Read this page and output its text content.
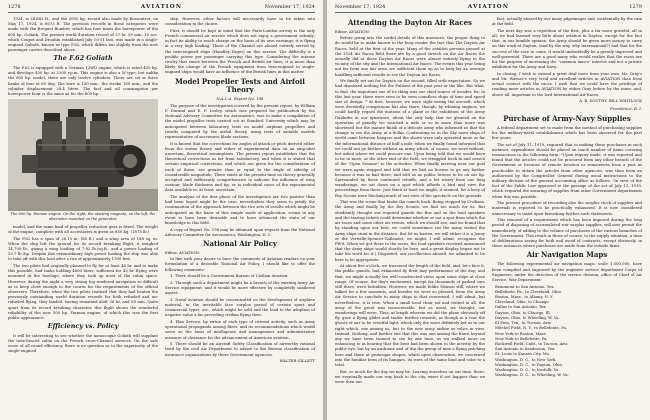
1278	AVIATION	November 17, 1924

1924, is 24,682 ft., and the 5000 kg. record also made by Bossoutrot, on May 17, 1924, is 6673 ft. The previous records in these categories were made with the Breguet Bomber, which has four times the horsepower of the 600 hp. Goliath. The present world duration record of 37 hr. 59 min. 10 sec. which Coupet and Drouhin established July 10-11 last, was made in a single-engined Goliath, known as type F.62, which differs but slightly from the new passenger carrier described above.

The F.62 Goliath

The F.62 is equipped with a German 12WD engine, which is rated 400 hp. and develops 450 hp. at 2200 r.p.m. This engine is also a W type, but unlike the 600 hp. model, there are only twelve cylinders. There are set in three banks of four at 60 deg. The bore is 130 mm., the stroke 180 mm., and the cylinder displacement 28.4 liters. The fuel and oil consumption per horsepower hour is the same as for the 600 hp.

The 600 hp. Farman engine. On the right, the starting magneto; on the left, the alternator mounted on the generator.

model, and the same kind of propeller reduction gear is fitted. The weight of the engine, complete with all accessories is given as 850 kg. (1873 lb.)

The F.62 has a span of 26.15 m. (86 ft.) and a wing area of 188 sq. m. When the ship left the ground for its record breaking flight, it weighed 14,700 lb., giving a wing loading of 7.82 lb./sq.ft., and a power loading of 32.7 lb./hp. Despite this extraordinary high power loading the ship was able to take off with this load after a run of approximately 1300 feet.

The two pilots had originally planned to fly for at least 48 hr. and to make this possible, had tanks holding 4800 liters, sufficient for 45 hr. flying were mounted in the fuselage, where they took up most of the cabin space. However, during the night a very strong fog rendered navigation so difficult as to keep close enough to the course for the requirements of the official observers. Therefore, when the two pilots realized that they had beaten the previously outstanding world duration records for both refueled and un-refueled flying, they landed, having remained aloft 38 hr. and 59 min. Quite apart from its record breaking character, this flight shows the wonderful reliability of the new 500 hp. Farman engine, of which this was the first public appearance.

Efficiency vs. Policy

It will be interesting to see whether the monocoque Goliath will supplant the tube-braced cabin on the French cross-Channel services. On the safe score of all round efficiency, there is no question as to the superiority of the single-engined

ship. However, other factors will necessarily have to be taken into consideration in the choice.

First, it should be kept in mind that the Paris-London airway is the only French commercial air service which does not enjoy a government subsidy; in fact its ability to reach charge on the basis of its own earnings; it is flying at a very high loading. Those of the Channel are almost entirely served by the twin-engined ships (Handley Pages) on this service. The difficulty is a prolific power per passenger carrying this type. Considering the intense rivalry that exists between the French and British air lines, it is more than likely the change of the French equipment from twin-engined to single-engined ships would have an influence of the British lines in this matter.

Model Propeller Tests and Airfoil Theory
N.A.C.A. Report No. 196

The purpose of the investigation covered by the present report, by William F. Durand and E. P. Lesley, which was prepared for publication by the National Advisory Committee for Aeronautics, was to make a compilation of the model propeller tests carried out at Stanford University which may be anticipated between laboratory tests on model airplane propellers and results computed by the airfoil theory, using tests of suitable models representative of successive blade sections.

It is known that the corrections for angles of attack or pitch derived either from the vortex theory and either of experimental data on an emp-ubet uncertain, theoretical assumptions. The present report establishes that the theoretical corrections as far from satisfactory, and when it is stated that certain empirical corrections, and which are given for the consideration of each of these, are greater than or equal to the angle of sideslip of considerable magnitude. There exists at the present time no theory generally accepted and sufficiently comprehensive to indicate the influence of wing contour, blade thickness and tip, or to individual cases of the experimental data available in, at least, uncertain.

The analysis of the first phase of the investigation are two positive than had been hoped might be the case, nevertheless they seem to justify the continuation of the approach between the two sets of results which might be anticipated on the basis of this simple mode of application, seems in any event to have been desirable and to have advanced the state of our knowledge in this field.

A copy of Report No. 196 may be obtained upon request from the National Advisory Committee for Aeronautics, Washington, D. C.

National Air Policy

Editor, AVIATION:

In line with your desire to have the comments of Aviation readers on your formulation of a desirable National Air Policy, I should like to offer the following comments:

1. There should be a Government Bureau of Civilian Aviation.

2. Through such a department might be a breach of the existing Army Air Service equipment, and it would be more effective by completely sundered aspect.

3. Naval aviation should be concentrated on the development of airplane material, in the inevitable face surplus period of certain sport and commercial types, etc., which might be sold and the lead to the adoption of negative value a far preceding civilian flying then.

4. Plan Service, by virtue of each type of current activity, such as Army operational propaganda among fliers, and its recommendations which would serve as the basis of intelligence and management and administrative measure of clearance for the advancement of American aviation.

5. There should be an Aircraft Safety Classification of airworthy rational tried by the civil Air Department to advise to the Bureau classification of insurance organizations by these Government agencies.

WALTER GILLETT
November 17, 1924	AVIATION	1279
Attending the Dayton Air Races

Editor, AVIATION:

Before going into the sordid details of this massacre, the proper thing to do would be to make known to the busy reader the fact that The Dayton Air Races, held at the first of the year. Many of the aviation persons passed at the 1924 Air Races field there are by a good stretch on the Air Races the actually did at these Dayton Air Races were almost entirely flying in the vicinity of the city and the International Air Races. The events this year being not far from one fair area, we sufficient them up as to long lay an average handling sufficient results to see the Dayton Air Races.

We finally set out for Dayton on the second, filled with expectation. So we had dismissed nothing but the Pulitzer of the past year or the like. But what, to find, the important one of its thing was our chief source of wonder, for, in this last year, there were seen to be seen countless ships of time and speed size of design. * At first, however, we were sight-seeing the aircraft, which were decidedly conspicuous but also there, though, by whining engines, we could hardly regard the motions of a plane or the exhibition of the Army Dunkirks in our ignorance, about the only help that we gleaned on the operation of penalty we watched a mile or so in more than more was shortened but the mature finish of a delicate army who informed us that the change to see the Army, at a dollar. Confronting us in the Sky more ships of world came between hangers and the shows were only operated more or far the informational distance of half a mile, when we finally found informed that we could not go further without an army, which, of course, we were without, but asked where we could procure one. Upon being told that we would have to be in more, at the other end of the field, we straggled back in and search of the "Open Sesame" to the activities. When finally arriving near our goal we were again stopped and told that we had no license to go any farther because it was so bad there, and told us no public license to be on our lip. Surrounded by these continued rebuffs, and a bit weary from our long wanderings, we sat down on a spot which affords a bird and view the proceedings from there. Just there at least we might, it seemed, for a bevy of Boy Scouts were blocking much of our view of the spectacle on the grounds.

This was the scene that broke the camels back. Being stopped by Civilians, the Army and finally by the Boy Scouts, we find too much for us. But obediently thought our required guards the Bus and on the loud speakers and the startup tickets could determine whether or not a spot from which the air races and some other air events, which we should see, and we found that by standing upon our best, we could sometimes see the many visited the Army ships stunt in the distance. But let us hasten, we will either it is a Jenny or the Vertville-Spencer-Gallaudet, we might, I will admit, recognize the PW.8. When we got there to the races, the loud speakers received announced that the Army ships would shortly be here, and a great display began not to take his word for it.) Disgusted, our recollection aboard, we admitted to be here to be appropriate.

At about five o'clock, we traversed the length of the field, and, let's face it, the public guards, had exhausted by their lazy performance of the day; and that, we might actually see well-constructed views upon some ships at close range. Of course, the day's excitement, except for thousands of parked cars still there, were forbidden. However, we made Eddie Stinson still, where we talked for a few moments, and besides we were so pleased, from the Army Air Service to conclude to many ships to that concerned, I will admit, but nevertheless, it is true. When a small local chair sat and visited in all, the army of the great was inconceivable, but as usual, we thought, our wanderings will were. Thus, at length wherein we did the plane obviously off fly, gave a flying glider and trailer further rewards, as though in a tour the ghosts of our to be eventful light, which only the more definitely led us to our right which, one among us, but to the new army airline or relics in view. Instead, Nothing, and further one that this was one among the finest beyond any we have been trained to see by one time, as we walked more on enhancing to in hearing that the bent had been shown to the activity by the public eye, but by an airdrome and of the the group of men a flying patching here and there at grotesque shapes, which upon observation, we concerned into the familiar form of its hangars, its rows of the same kind and color to a total.

But, so much for the day we may be. Leaving ourselves on our time, there, we eventually made our way back to the city, wiser if not happier than we were then out.

fact, actually aboard by our many pilgrimages and, incidentally by the rain at the field.

The next day was a repetition of the first, plus a far more grateful, all in all, we had learned very little about aviation in Dayton, except for the fact that, in our humble opinion, the Army should be given more money to carry on this work at Dayton, (and by the way, why International?) and that for the success of the race to come, it would undoubtedly be a greatly improved and well-governed. There are a good many who would realize that the races are for the purpose of increasing the "common man's" interest and not a private exhibition for the Army and Navy.

In closing, I wish to extend a great deal more from your own, Mr. Gray's and Mr. Warner's very vivid and excellent articles in AVIATION than from actual contact with the races. I wish that we could have the privilege of reading more articles in AVIATION by either Gray before by the inner, and, above all, important to the lord International Air Races.

A. B. SOUTHY, BILL WHITLOCK
Providence, R. I.
Purchase of Army-Navy Supplies

A federal department set to made from the method of purchasing supplies for the military-naval establishment which has been observed for the past few years.

The act of July 11, 1919, required that in making these purchases in such instance, expenditure should be placed on much number of items covering transactions in the following form: "Upon inquiry made, it was reported and found that the articles could not be procured from any other branch of the Government or because of remote location or remoteness from a post as practicable to obtain the articles from other agencies, was then from an authorised by the Comptroller General during usual instructions to the military division of the general accounting office as follows: "In view of the fact of the Public Law approved to the passage of the act of July 11, 1919, which required the assuring of supplies from other Government departments when this was possible.

The present procedure of recording also the surplus stock of supplies and materials is reported to be practically exhausted. It is now considered unnecessary to insist upon furnishing further such statements.

This removal of a requirement which has been imposed during the long period of disposing of accumulated war surplus supplies, will now permit the immediately, of adding to the volume of purchases of the various branches of the Government. This result in those of course, to the supply situation, a time of deliberations saving for both and avoid of contracts, except obviously, in those instances where purchases are made from the outside firms.

Air Navigation Maps

The following experimental air navigation maps, scale 1:500,000, have been compiled and engraved by the engineer service department Corps of Engineers, under the direction of the service division, office of Chief of Air Service, War Department:

Beaumont to San Antonio, Tex.

Bellefonte, Pa., to Cleveland, Ohio.

Boston, Mass., to Albany, N. Y.

Cleveland, Ohio, to Chicago.

Dallas to San Antonio, Tex.

Dayton, Ohio, to Chicago, Ill.

Dayton, Ohio, to Wheeling, W. Va.

El Paso, Tex., to Tucson, Ariz.

Mitchel Field, N. Y., to Bellefonte, Pa.

New York to Boston, Mass.

New York to Bellefonte, Pa.

Rockwell Field, Calif., to Tucson, Ariz.

San Antonio to Sanderson, Tex.

St. Louis to Kansas City, Mo.

Washington, D. C., to New York.

Washington, D. C., to Dayton, Ohio.

Washington, D. C., to Norfolk, Va.

Washington, D. C., to Wheeling, W. Va.
